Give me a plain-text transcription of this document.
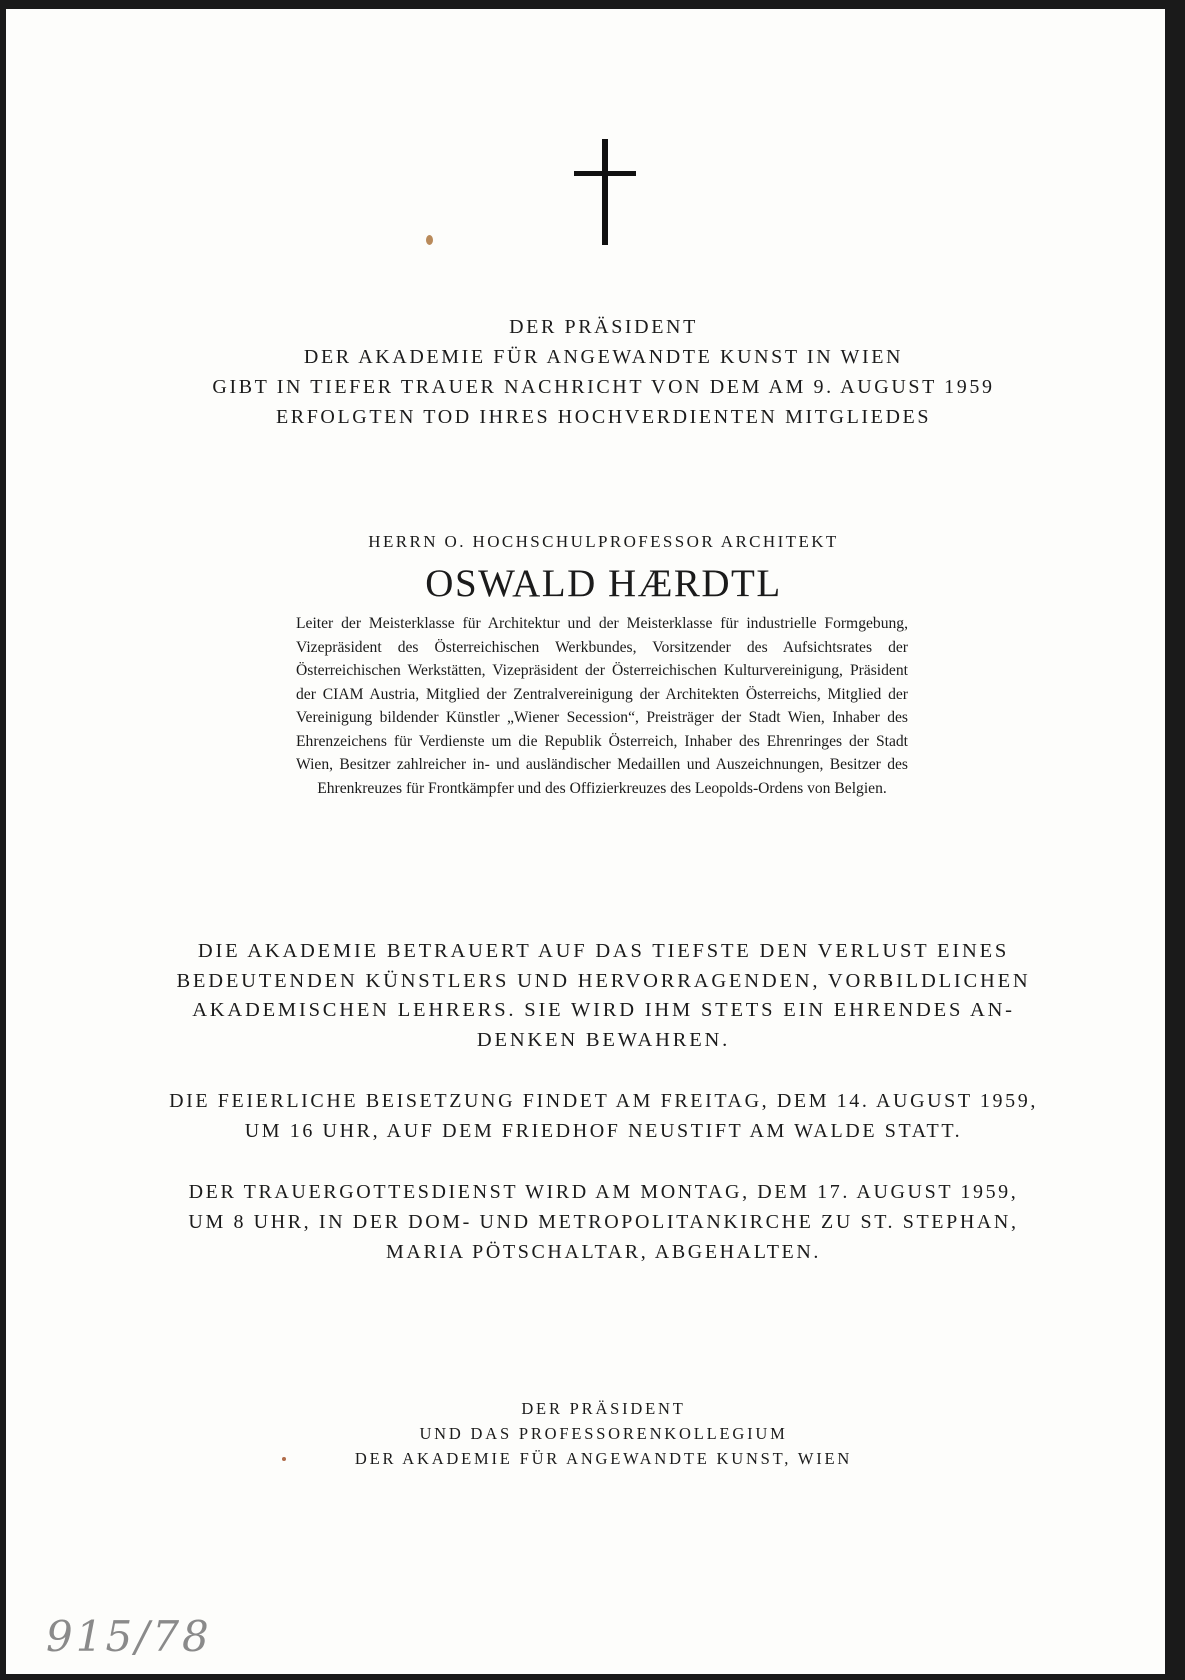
DER PRÄSIDENT
DER AKADEMIE FÜR ANGEWANDTE KUNST IN WIEN
GIBT IN TIEFER TRAUER NACHRICHT VON DEM AM 9. AUGUST 1959
ERFOLGTEN TOD IHRES HOCHVERDIENTEN MITGLIEDES
HERRN O. HOCHSCHULPROFESSOR ARCHITEKT
OSWALD HÆRDTL

Leiter der Meisterklasse für Architektur und der Meisterklasse für industrielle Formgebung, Vizepräsident des Österreichischen Werkbundes, Vorsitzender des Aufsichtsrates der Österreichischen Werkstätten, Vizepräsident der Österreichischen Kulturvereinigung, Präsident der CIAM Austria, Mitglied der Zentralvereinigung der Architekten Österreichs, Mitglied der Vereinigung bildender Künstler „Wiener Secession“, Preisträger der Stadt Wien, Inhaber des Ehrenzeichens für Verdienste um die Republik Österreich, Inhaber des Ehrenringes der Stadt Wien, Besitzer zahlreicher in- und ausländischer Medaillen und Auszeichnungen, Besitzer des Ehrenkreuzes für Frontkämpfer und des Offizierkreuzes des Leopolds-Ordens von Belgien.

DIE AKADEMIE BETRAUERT AUF DAS TIEFSTE DEN VERLUST EINES
BEDEUTENDEN KÜNSTLERS UND HERVORRAGENDEN, VORBILDLICHEN
AKADEMISCHEN LEHRERS. SIE WIRD IHM STETS EIN EHRENDES AN-
DENKEN BEWAHREN.
DIE FEIERLICHE BEISETZUNG FINDET AM FREITAG, DEM 14. AUGUST 1959,
UM 16 UHR, AUF DEM FRIEDHOF NEUSTIFT AM WALDE STATT.
DER TRAUERGOTTESDIENST WIRD AM MONTAG, DEM 17. AUGUST 1959,
UM 8 UHR, IN DER DOM- UND METROPOLITANKIRCHE ZU ST. STEPHAN,
MARIA PÖTSCHALTAR, ABGEHALTEN.
DER PRÄSIDENT
UND DAS PROFESSORENKOLLEGIUM
DER AKADEMIE FÜR ANGEWANDTE KUNST, WIEN
915/78
